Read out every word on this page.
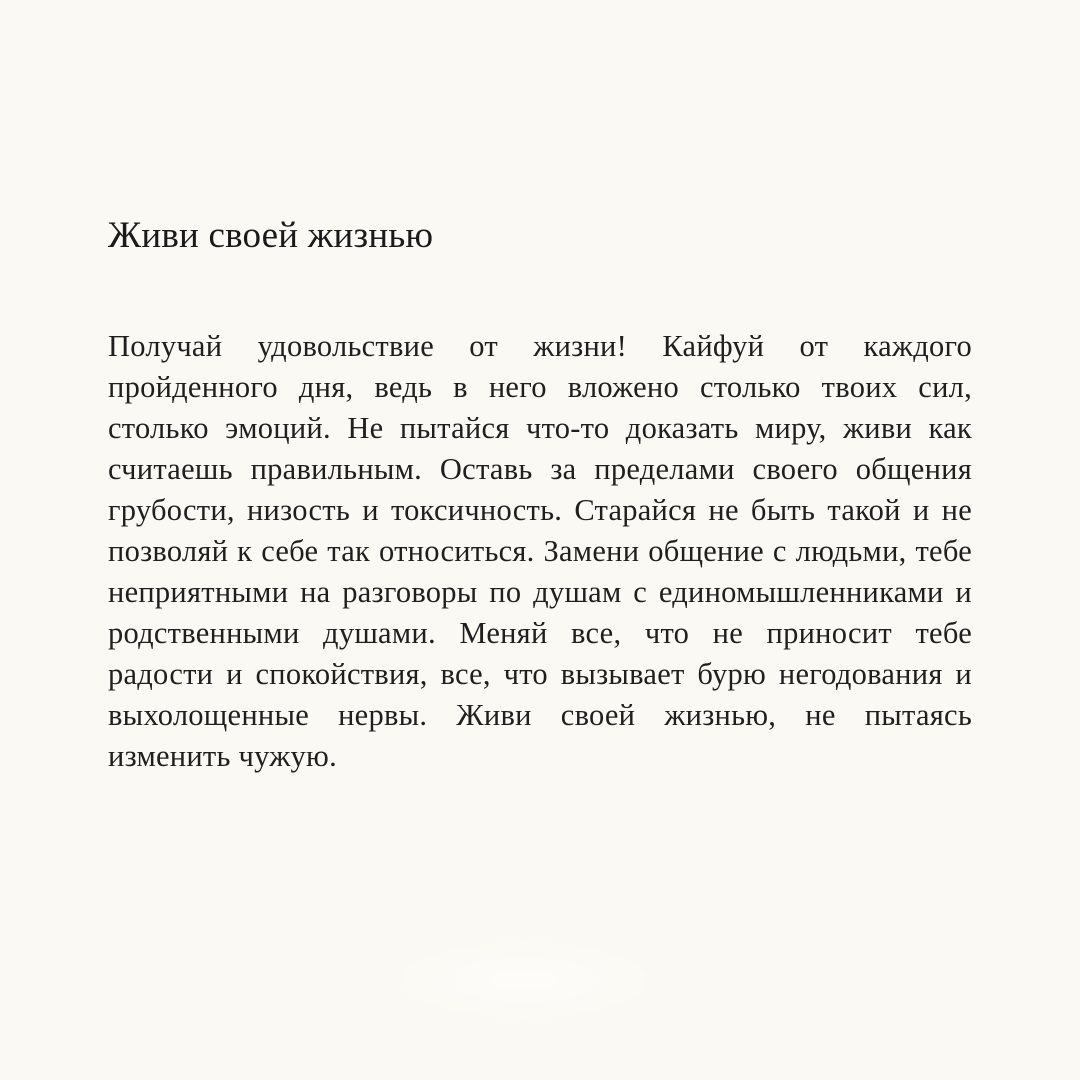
Живи своей жизнью

Получай удовольствие от жизни! Кайфуй от каждого пройденного дня, ведь в него вложено столько твоих сил, столько эмоций. Не пытайся что-то доказать миру, живи как считаешь правильным. Оставь за пределами своего общения грубости, низость и токсичность. Старайся не быть такой и не позволяй к себе так относиться. Замени общение с людьми, тебе неприятными на разговоры по душам с единомышленниками и родственными душами. Меняй все, что не приносит тебе радости и спокойствия, все, что вызывает бурю негодования и выхолощенные нервы. Живи своей жизнью, не пытаясь изменить чужую.
